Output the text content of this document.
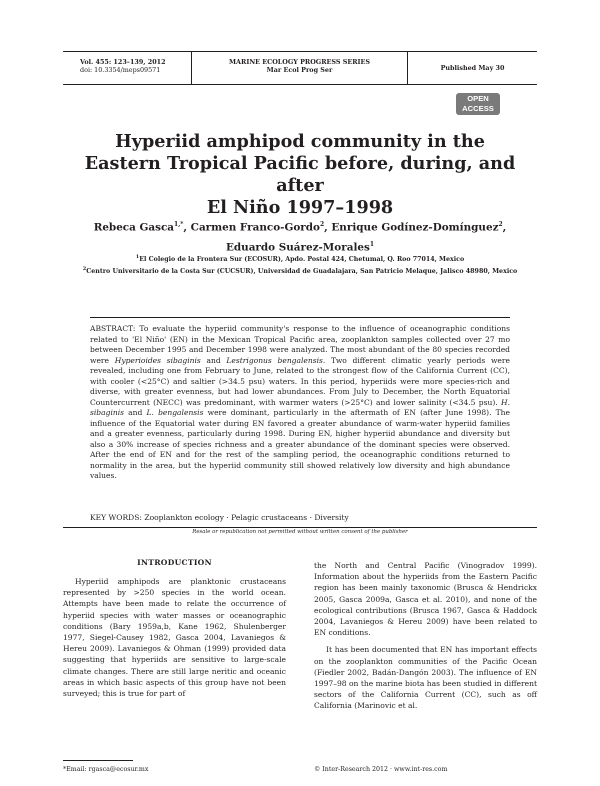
Vol. 455: 123–139, 2012
doi: 10.3354/meps09571
MARINE ECOLOGY PROGRESS SERIES
Mar Ecol Prog Ser	Published May 30
OPEN
ACCESS
Hyperiid amphipod community in the
Eastern Tropical Pacific before, during, and after
El Niño 1997–1998
Rebeca Gasca$^{1,*}$, Carmen Franco-Gordo$^2$, Enrique Godínez-Domínguez$^2$,
Eduardo Suárez-Morales$^1$
$^1$El Colegio de la Frontera Sur (ECOSUR), Apdo. Postal 424, Chetumal, Q. Roo 77014, Mexico
$^2$Centro Universitario de la Costa Sur (CUCSUR), Universidad de Guadalajara, San Patricio Melaque, Jalisco 48980, Mexico
ABSTRACT: To evaluate the hyperiid community's response to the influence of oceanographic conditions related to 'El Niño' (EN) in the Mexican Tropical Pacific area, zooplankton samples collected over 27 mo between December 1995 and December 1998 were analyzed. The most abundant of the 80 species recorded were Hyperioides sibaginis and Lestrigonus bengalensis. Two different climatic yearly periods were revealed, including one from February to June, related to the strongest flow of the California Current (CC), with cooler (<25°C) and saltier (>34.5 psu) waters. In this period, hyperiids were more species-rich and diverse, with greater evenness, but had lower abundances. From July to December, the North Equatorial Countercurrent (NECC) was predominant, with warmer waters (>25°C) and lower salinity (<34.5 psu). H. sibaginis and L. bengalensis were dominant, particularly in the aftermath of EN (after June 1998). The influence of the Equatorial water during EN favored a greater abundance of warm-water hyperiid families and a greater evenness, particularly during 1998. During EN, higher hyperiid abundance and diversity but also a 30% increase of species richness and a greater abundance of the dominant species were observed. After the end of EN and for the rest of the sampling period, the oceanographic conditions returned to normality in the area, but the hyperiid community still showed relatively low diversity and high abundance values.
KEY WORDS: Zooplankton ecology · Pelagic crustaceans · Diversity
Resale or republication not permitted without written consent of the publisher
INTRODUCTION

Hyperiid amphipods are planktonic crustaceans represented by >250 species in the world ocean. Attempts have been made to relate the occurrence of hyperiid species with water masses or oceanographic conditions (Bary 1959a,b, Kane 1962, Shulenberger 1977, Siegel-Causey 1982, Gasca 2004, Lavaniegos & Hereu 2009). Lavaniegos & Ohman (1999) provided data suggesting that hyperiids are sensitive to large-scale climate changes. There are still large neritic and oceanic areas in which basic aspects of this group have not been surveyed; this is true for part of

the North and Central Pacific (Vinogradov 1999). Information about the hyperiids from the Eastern Pacific region has been mainly taxonomic (Brusca & Hendrickx 2005, Gasca 2009a, Gasca et al. 2010), and none of the ecological contributions (Brusca 1967, Gasca & Haddock 2004, Lavaniegos & Hereu 2009) have been related to EN conditions.

It has been documented that EN has important effects on the zooplankton communities of the Pacific Ocean (Fiedler 2002, Badán-Dangón 2003). The influence of EN 1997–98 on the marine biota has been studied in different sectors of the California Current (CC), such as off California (Marinovic et al.

*Email: rgasca@ecosur.mx	© Inter-Research 2012 · www.int-res.com
